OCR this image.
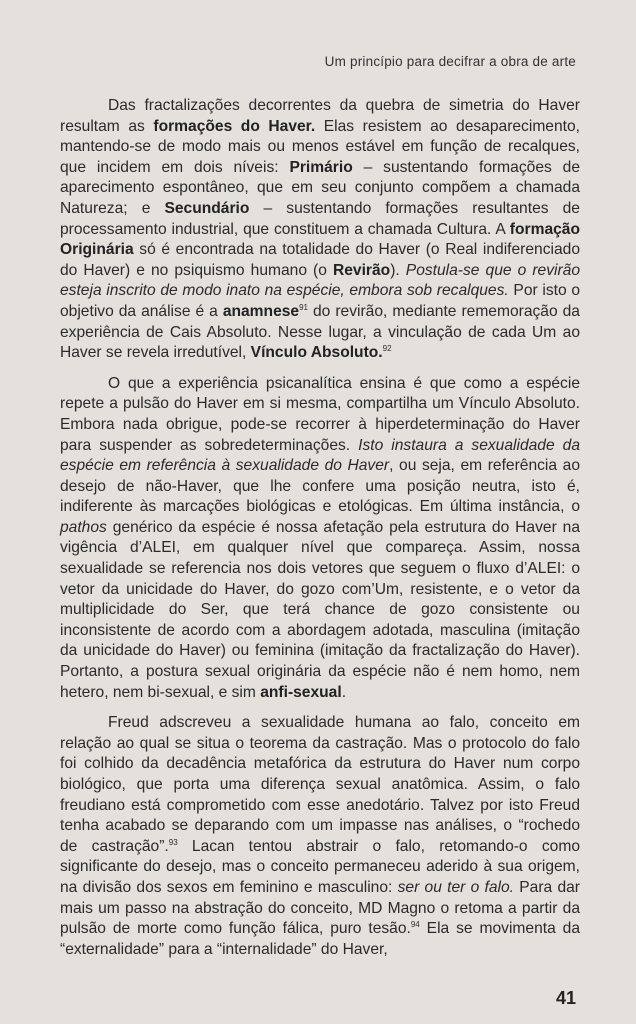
Um princípio para decifrar a obra de arte

Das fractalizações decorrentes da quebra de simetria do Haver resultam as formações do Haver. Elas resistem ao desaparecimento, mantendo-se de modo mais ou menos estável em função de recalques, que incidem em dois níveis: Primário – sustentando formações de aparecimento espontâneo, que em seu conjunto compõem a chamada Natureza; e Secundário – sustentando formações resultantes de processamento industrial, que constituem a chamada Cultura. A formação Originária só é encontrada na totalidade do Haver (o Real indiferenciado do Haver) e no psiquismo humano (o Revirão). Postula-se que o revirão esteja inscrito de modo inato na espécie, embora sob recalques. Por isto o objetivo da análise é a anamnese$^{91}$ do revirão, mediante rememoração da experiência de Cais Absoluto. Nesse lugar, a vinculação de cada Um ao Haver se revela irredutível, Vínculo Absoluto.$^{92}$

O que a experiência psicanalítica ensina é que como a espécie repete a pulsão do Haver em si mesma, compartilha um Vínculo Absoluto. Embora nada obrigue, pode-se recorrer à hiperdeterminação do Haver para suspender as sobredeterminações. Isto instaura a sexualidade da espécie em referência à sexualidade do Haver, ou seja, em referência ao desejo de não-Haver, que lhe confere uma posição neutra, isto é, indiferente às marcações biológicas e etológicas. Em última instância, o pathos genérico da espécie é nossa afetação pela estrutura do Haver na vigência d’ALEI, em qualquer nível que compareça. Assim, nossa sexualidade se referencia nos dois vetores que seguem o fluxo d’ALEI: o vetor da unicidade do Haver, do gozo com’Um, resistente, e o vetor da multiplicidade do Ser, que terá chance de gozo consistente ou inconsistente de acordo com a abordagem adotada, masculina (imitação da unicidade do Haver) ou feminina (imitação da fractalização do Haver). Portanto, a postura sexual originária da espécie não é nem homo, nem hetero, nem bi-sexual, e sim anfi-sexual.

Freud adscreveu a sexualidade humana ao falo, conceito em relação ao qual se situa o teorema da castração. Mas o protocolo do falo foi colhido da decadência metafórica da estrutura do Haver num corpo biológico, que porta uma diferença sexual anatômica. Assim, o falo freudiano está comprometido com esse anedotário. Talvez por isto Freud tenha acabado se deparando com um impasse nas análises, o “rochedo de castração”.$^{93}$ Lacan tentou abstrair o falo, retomando-o como significante do desejo, mas o conceito permaneceu aderido à sua origem, na divisão dos sexos em feminino e masculino: ser ou ter o falo. Para dar mais um passo na abstração do conceito, MD Magno o retoma a partir da pulsão de morte como função fálica, puro tesão.$^{94}$ Ela se movimenta da “externalidade” para a “internalidade” do Haver,

41
